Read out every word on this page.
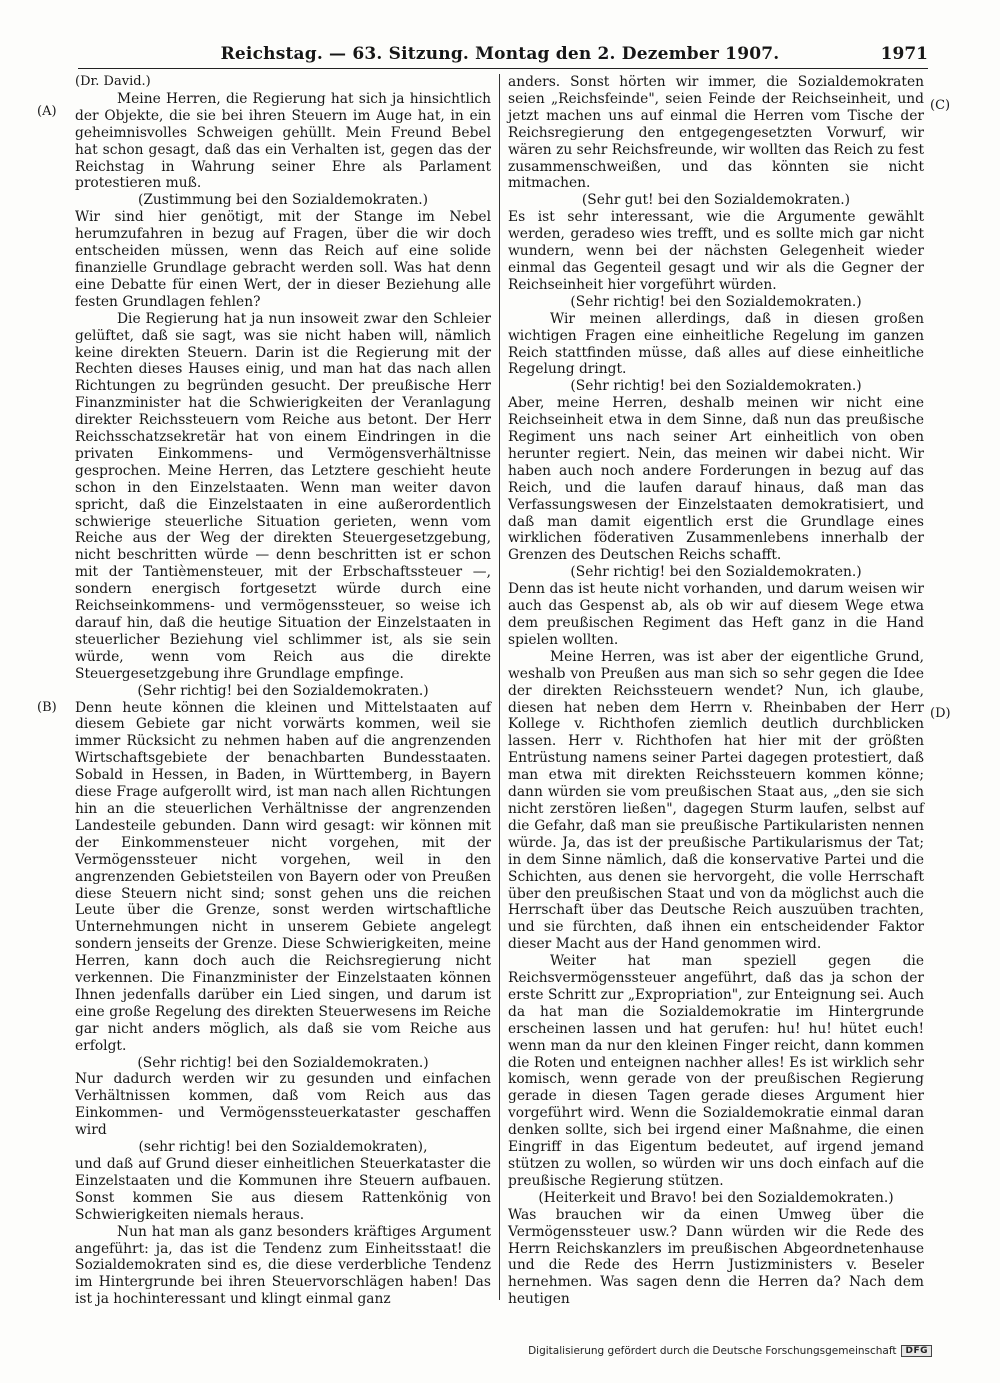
Reichstag. — 63. Sitzung. Montag den 2. Dezember 1907.	1971
(A)
(B)
(C)
(D)

(Dr. David.)

Meine Herren, die Regierung hat sich ja hinsichtlich der Objekte, die sie bei ihren Steuern im Auge hat, in ein geheimnisvolles Schweigen gehüllt. Mein Freund Bebel hat schon gesagt, daß das ein Verhalten ist, gegen das der Reichstag in Wahrung seiner Ehre als Parlament protestieren muß.

(Zustimmung bei den Sozialdemokraten.)

Wir sind hier genötigt, mit der Stange im Nebel herumzufahren in bezug auf Fragen, über die wir doch entscheiden müssen, wenn das Reich auf eine solide finanzielle Grundlage gebracht werden soll. Was hat denn eine Debatte für einen Wert, der in dieser Beziehung alle festen Grundlagen fehlen?

Die Regierung hat ja nun insoweit zwar den Schleier gelüftet, daß sie sagt, was sie nicht haben will, nämlich keine direkten Steuern. Darin ist die Regierung mit der Rechten dieses Hauses einig, und man hat das nach allen Richtungen zu begründen gesucht. Der preußische Herr Finanzminister hat die Schwierigkeiten der Veranlagung direkter Reichssteuern vom Reiche aus betont. Der Herr Reichsschatzsekretär hat von einem Eindringen in die privaten Einkommens- und Vermögensverhältnisse gesprochen. Meine Herren, das Letztere geschieht heute schon in den Einzelstaaten. Wenn man weiter davon spricht, daß die Einzelstaaten in eine außerordentlich schwierige steuerliche Situation gerieten, wenn vom Reiche aus der Weg der direkten Steuergesetzgebung, nicht beschritten würde — denn beschritten ist er schon mit der Tantièmensteuer, mit der Erbschaftssteuer —, sondern energisch fortgesetzt würde durch eine Reichseinkommens- und vermögenssteuer, so weise ich darauf hin, daß die heutige Situation der Einzelstaaten in steuerlicher Beziehung viel schlimmer ist, als sie sein würde, wenn vom Reich aus die direkte Steuergesetzgebung ihre Grundlage empfinge.

(Sehr richtig! bei den Sozialdemokraten.)

Denn heute können die kleinen und Mittelstaaten auf diesem Gebiete gar nicht vorwärts kommen, weil sie immer Rücksicht zu nehmen haben auf die angrenzenden Wirtschaftsgebiete der benachbarten Bundesstaaten. Sobald in Hessen, in Baden, in Württemberg, in Bayern diese Frage aufgerollt wird, ist man nach allen Richtungen hin an die steuerlichen Verhältnisse der angrenzenden Landesteile gebunden. Dann wird gesagt: wir können mit der Einkommensteuer nicht vorgehen, mit der Vermögenssteuer nicht vorgehen, weil in den angrenzenden Gebietsteilen von Bayern oder von Preußen diese Steuern nicht sind; sonst gehen uns die reichen Leute über die Grenze, sonst werden wirtschaftliche Unternehmungen nicht in unserem Gebiete angelegt sondern jenseits der Grenze. Diese Schwierigkeiten, meine Herren, kann doch auch die Reichsregierung nicht verkennen. Die Finanzminister der Einzelstaaten können Ihnen jedenfalls darüber ein Lied singen, und darum ist eine große Regelung des direkten Steuerwesens im Reiche gar nicht anders möglich, als daß sie vom Reiche aus erfolgt.

(Sehr richtig! bei den Sozialdemokraten.)

Nur dadurch werden wir zu gesunden und einfachen Verhältnissen kommen, daß vom Reich aus das Einkommen- und Vermögenssteuerkataster geschaffen wird

(sehr richtig! bei den Sozialdemokraten),

und daß auf Grund dieser einheitlichen Steuerkataster die Einzelstaaten und die Kommunen ihre Steuern aufbauen. Sonst kommen Sie aus diesem Rattenkönig von Schwierigkeiten niemals heraus.

Nun hat man als ganz besonders kräftiges Argument angeführt: ja, das ist die Tendenz zum Einheitsstaat! die Sozialdemokraten sind es, die diese verderbliche Tendenz im Hintergrunde bei ihren Steuervorschlägen haben! Das ist ja hochinteressant und klingt einmal ganz

anders. Sonst hörten wir immer, die Sozialdemokraten seien „Reichsfeinde", seien Feinde der Reichseinheit, und jetzt machen uns auf einmal die Herren vom Tische der Reichsregierung den entgegengesetzten Vorwurf, wir wären zu sehr Reichsfreunde, wir wollten das Reich zu fest zusammenschweißen, und das könnten sie nicht mitmachen.

(Sehr gut! bei den Sozialdemokraten.)

Es ist sehr interessant, wie die Argumente gewählt werden, geradeso wies trefft, und es sollte mich gar nicht wundern, wenn bei der nächsten Gelegenheit wieder einmal das Gegenteil gesagt und wir als die Gegner der Reichseinheit hier vorgeführt würden.

(Sehr richtig! bei den Sozialdemokraten.)

Wir meinen allerdings, daß in diesen großen wichtigen Fragen eine einheitliche Regelung im ganzen Reich stattfinden müsse, daß alles auf diese einheitliche Regelung dringt.

(Sehr richtig! bei den Sozialdemokraten.)

Aber, meine Herren, deshalb meinen wir nicht eine Reichseinheit etwa in dem Sinne, daß nun das preußische Regiment uns nach seiner Art einheitlich von oben herunter regiert. Nein, das meinen wir dabei nicht. Wir haben auch noch andere Forderungen in bezug auf das Reich, und die laufen darauf hinaus, daß man das Verfassungswesen der Einzelstaaten demokratisiert, und daß man damit eigentlich erst die Grundlage eines wirklichen föderativen Zusammenlebens innerhalb der Grenzen des Deutschen Reichs schafft.

(Sehr richtig! bei den Sozialdemokraten.)

Denn das ist heute nicht vorhanden, und darum weisen wir auch das Gespenst ab, als ob wir auf diesem Wege etwa dem preußischen Regiment das Heft ganz in die Hand spielen wollten.

Meine Herren, was ist aber der eigentliche Grund, weshalb von Preußen aus man sich so sehr gegen die Idee der direkten Reichssteuern wendet? Nun, ich glaube, diesen hat neben dem Herrn v. Rheinbaben der Herr Kollege v. Richthofen ziemlich deutlich durchblicken lassen. Herr v. Richthofen hat hier mit der größten Entrüstung namens seiner Partei dagegen protestiert, daß man etwa mit direkten Reichssteuern kommen könne; dann würden sie vom preußischen Staat aus, „den sie sich nicht zerstören ließen", dagegen Sturm laufen, selbst auf die Gefahr, daß man sie preußische Partikularisten nennen würde. Ja, das ist der preußische Partikularismus der Tat; in dem Sinne nämlich, daß die konservative Partei und die Schichten, aus denen sie hervorgeht, die volle Herrschaft über den preußischen Staat und von da möglichst auch die Herrschaft über das Deutsche Reich auszuüben trachten, und sie fürchten, daß ihnen ein entscheidender Faktor dieser Macht aus der Hand genommen wird.

Weiter hat man speziell gegen die Reichsvermögenssteuer angeführt, daß das ja schon der erste Schritt zur „Expropriation", zur Enteignung sei. Auch da hat man die Sozialdemokratie im Hintergrunde erscheinen lassen und hat gerufen: hu! hu! hütet euch! wenn man da nur den kleinen Finger reicht, dann kommen die Roten und enteignen nachher alles! Es ist wirklich sehr komisch, wenn gerade von der preußischen Regierung gerade in diesen Tagen gerade dieses Argument hier vorgeführt wird. Wenn die Sozialdemokratie einmal daran denken sollte, sich bei irgend einer Maßnahme, die einen Eingriff in das Eigentum bedeutet, auf irgend jemand stützen zu wollen, so würden wir uns doch einfach auf die preußische Regierung stützen.

(Heiterkeit und Bravo! bei den Sozialdemokraten.)

Was brauchen wir da einen Umweg über die Vermögenssteuer usw.? Dann würden wir die Rede des Herrn Reichskanzlers im preußischen Abgeordnetenhause und die Rede des Herrn Justizministers v. Beseler hernehmen. Was sagen denn die Herren da? Nach dem heutigen

Digitalisierung gefördert durch die Deutsche Forschungsgemeinschaft	DFG
